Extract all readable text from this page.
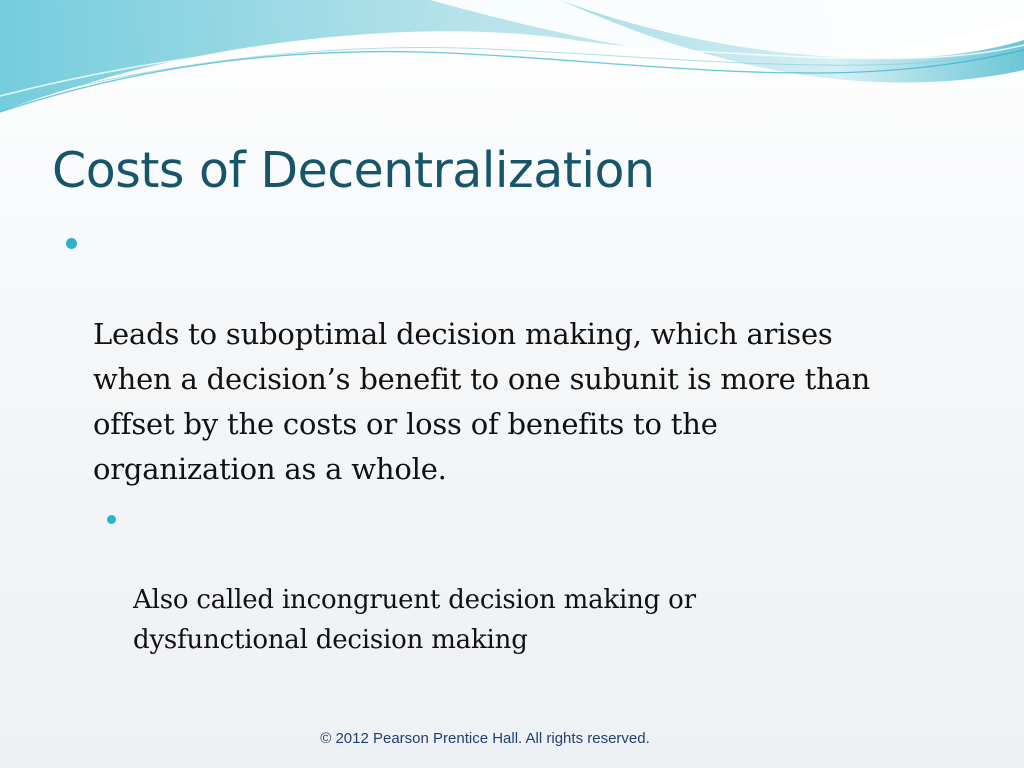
Costs of Decentralization

Leads to suboptimal decision making, which arises
when a decision’s benefit to one subunit is more than
offset by the costs or loss of benefits to the
organization as a whole.

Also called incongruent decision making or
dysfunctional decision making

© 2012 Pearson Prentice Hall. All rights reserved.
